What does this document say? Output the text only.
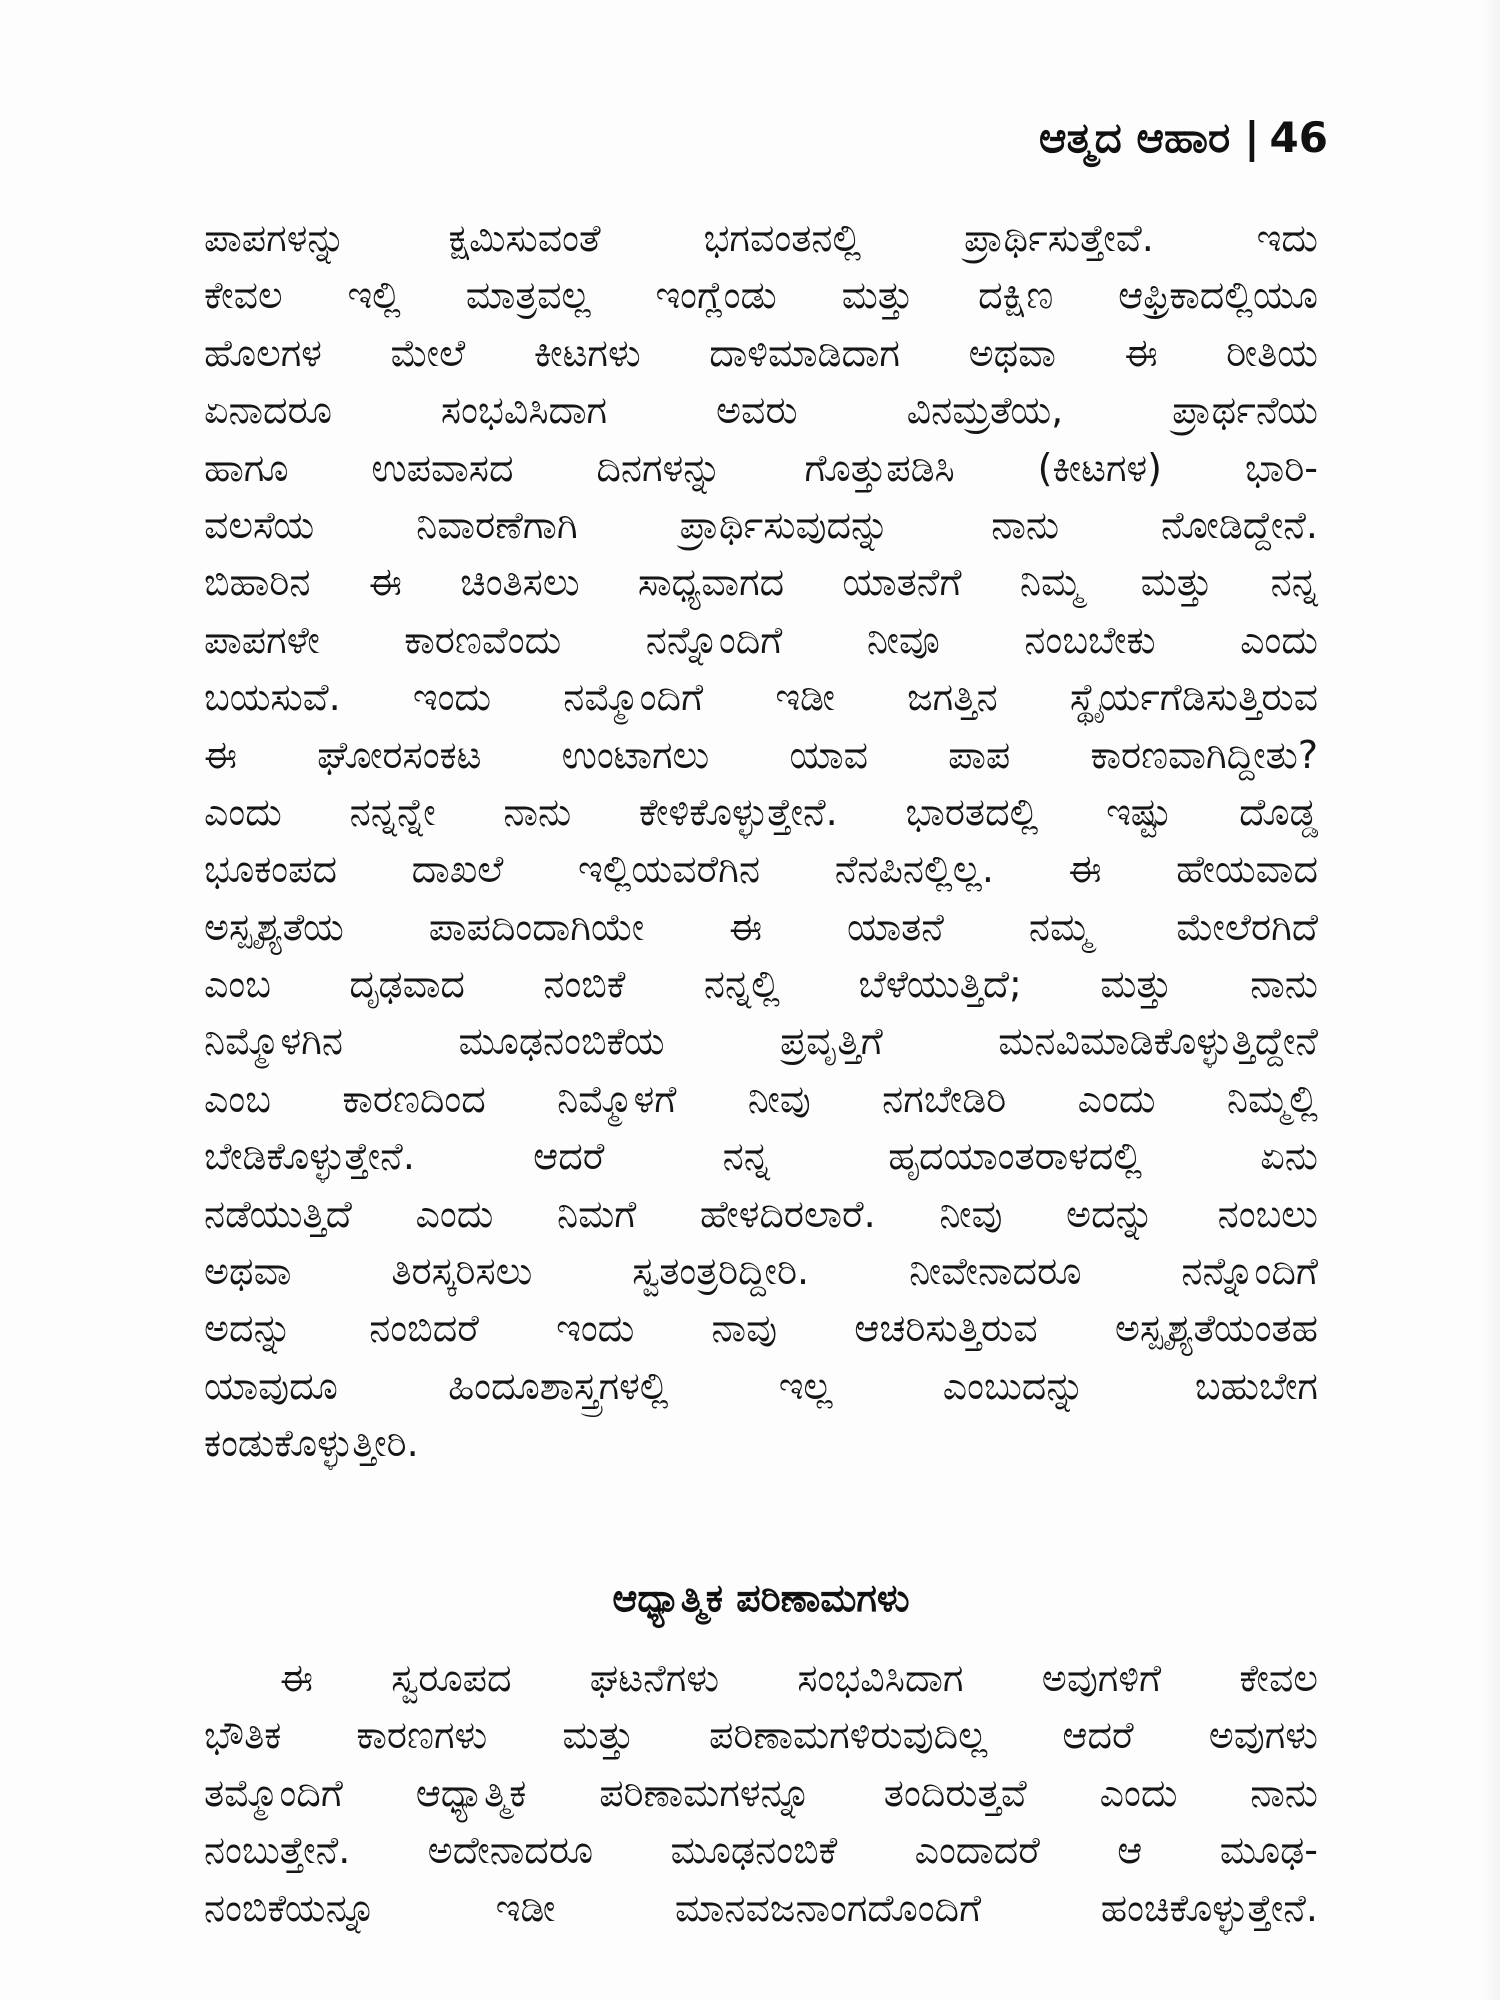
ಆತ್ಮದ ಆಹಾರ | 46
ಪಾಪಗಳನ್ನು ಕ್ಷಮಿಸುವಂತೆ ಭಗವಂತನಲ್ಲಿ ಪ್ರಾರ್ಥಿಸುತ್ತೇವೆ. ಇದು
ಕೇವಲ ಇಲ್ಲಿ ಮಾತ್ರವಲ್ಲ ಇಂಗ್ಲೆಂಡು ಮತ್ತು ದಕ್ಷಿಣ ಆಫ್ರಿಕಾದಲ್ಲಿಯೂ
ಹೊಲಗಳ ಮೇಲೆ ಕೀಟಗಳು ದಾಳಿಮಾಡಿದಾಗ ಅಥವಾ ಈ ರೀತಿಯ
ಏನಾದರೂ ಸಂಭವಿಸಿದಾಗ ಅವರು ವಿನಮ್ರತೆಯ, ಪ್ರಾರ್ಥನೆಯ
ಹಾಗೂ ಉಪವಾಸದ ದಿನಗಳನ್ನು ಗೊತ್ತುಪಡಿಸಿ (ಕೀಟಗಳ) ಭಾರಿ-
ವಲಸೆಯ ನಿವಾರಣೆಗಾಗಿ ಪ್ರಾರ್ಥಿಸುವುದನ್ನು ನಾನು ನೋಡಿದ್ದೇನೆ.
ಬಿಹಾರಿನ ಈ ಚಿಂತಿಸಲು ಸಾಧ್ಯವಾಗದ ಯಾತನೆಗೆ ನಿಮ್ಮ ಮತ್ತು ನನ್ನ
ಪಾಪಗಳೇ ಕಾರಣವೆಂದು ನನ್ನೊಂದಿಗೆ ನೀವೂ ನಂಬಬೇಕು ಎಂದು
ಬಯಸುವೆ. ಇಂದು ನಮ್ಮೊಂದಿಗೆ ಇಡೀ ಜಗತ್ತಿನ ಸ್ಥೈರ್ಯಗೆಡಿಸುತ್ತಿರುವ
ಈ ಘೋರಸಂಕಟ ಉಂಟಾಗಲು ಯಾವ ಪಾಪ ಕಾರಣವಾಗಿದ್ದೀತು?
ಎಂದು ನನ್ನನ್ನೇ ನಾನು ಕೇಳಿಕೊಳ್ಳುತ್ತೇನೆ. ಭಾರತದಲ್ಲಿ ಇಷ್ಟು ದೊಡ್ಡ
ಭೂಕಂಪದ ದಾಖಲೆ ಇಲ್ಲಿಯವರೆಗಿನ ನೆನಪಿನಲ್ಲಿಲ್ಲ. ಈ ಹೇಯವಾದ
ಅಸ್ಪೃಶ್ಯತೆಯ ಪಾಪದಿಂದಾಗಿಯೇ ಈ ಯಾತನೆ ನಮ್ಮ ಮೇಲೆರಗಿದೆ
ಎಂಬ ದೃಢವಾದ ನಂಬಿಕೆ ನನ್ನಲ್ಲಿ ಬೆಳೆಯುತ್ತಿದೆ; ಮತ್ತು ನಾನು
ನಿಮ್ಮೊಳಗಿನ ಮೂಢನಂಬಿಕೆಯ ಪ್ರವೃತ್ತಿಗೆ ಮನವಿಮಾಡಿಕೊಳ್ಳುತ್ತಿದ್ದೇನೆ
ಎಂಬ ಕಾರಣದಿಂದ ನಿಮ್ಮೊಳಗೆ ನೀವು ನಗಬೇಡಿರಿ ಎಂದು ನಿಮ್ಮಲ್ಲಿ
ಬೇಡಿಕೊಳ್ಳುತ್ತೇನೆ. ಆದರೆ ನನ್ನ ಹೃದಯಾಂತರಾಳದಲ್ಲಿ ಏನು
ನಡೆಯುತ್ತಿದೆ ಎಂದು ನಿಮಗೆ ಹೇಳದಿರಲಾರೆ. ನೀವು ಅದನ್ನು ನಂಬಲು
ಅಥವಾ ತಿರಸ್ಕರಿಸಲು ಸ್ವತಂತ್ರರಿದ್ದೀರಿ. ನೀವೇನಾದರೂ ನನ್ನೊಂದಿಗೆ
ಅದನ್ನು ನಂಬಿದರೆ ಇಂದು ನಾವು ಆಚರಿಸುತ್ತಿರುವ ಅಸ್ಪೃಶ್ಯತೆಯಂತಹ
ಯಾವುದೂ ಹಿಂದೂಶಾಸ್ತ್ರಗಳಲ್ಲಿ ಇಲ್ಲ ಎಂಬುದನ್ನು ಬಹುಬೇಗ
ಕಂಡುಕೊಳ್ಳುತ್ತೀರಿ.
ಆಧ್ಯಾತ್ಮಿಕ ಪರಿಣಾಮಗಳು
ಈ ಸ್ವರೂಪದ ಘಟನೆಗಳು ಸಂಭವಿಸಿದಾಗ ಅವುಗಳಿಗೆ ಕೇವಲ
ಭೌತಿಕ ಕಾರಣಗಳು ಮತ್ತು ಪರಿಣಾಮಗಳಿರುವುದಿಲ್ಲ ಆದರೆ ಅವುಗಳು
ತಮ್ಮೊಂದಿಗೆ ಆಧ್ಯಾತ್ಮಿಕ ಪರಿಣಾಮಗಳನ್ನೂ ತಂದಿರುತ್ತವೆ ಎಂದು ನಾನು
ನಂಬುತ್ತೇನೆ. ಅದೇನಾದರೂ ಮೂಢನಂಬಿಕೆ ಎಂದಾದರೆ ಆ ಮೂಢ-
ನಂಬಿಕೆಯನ್ನೂ ಇಡೀ ಮಾನವಜನಾಂಗದೊಂದಿಗೆ ಹಂಚಿಕೊಳ್ಳುತ್ತೇನೆ.
